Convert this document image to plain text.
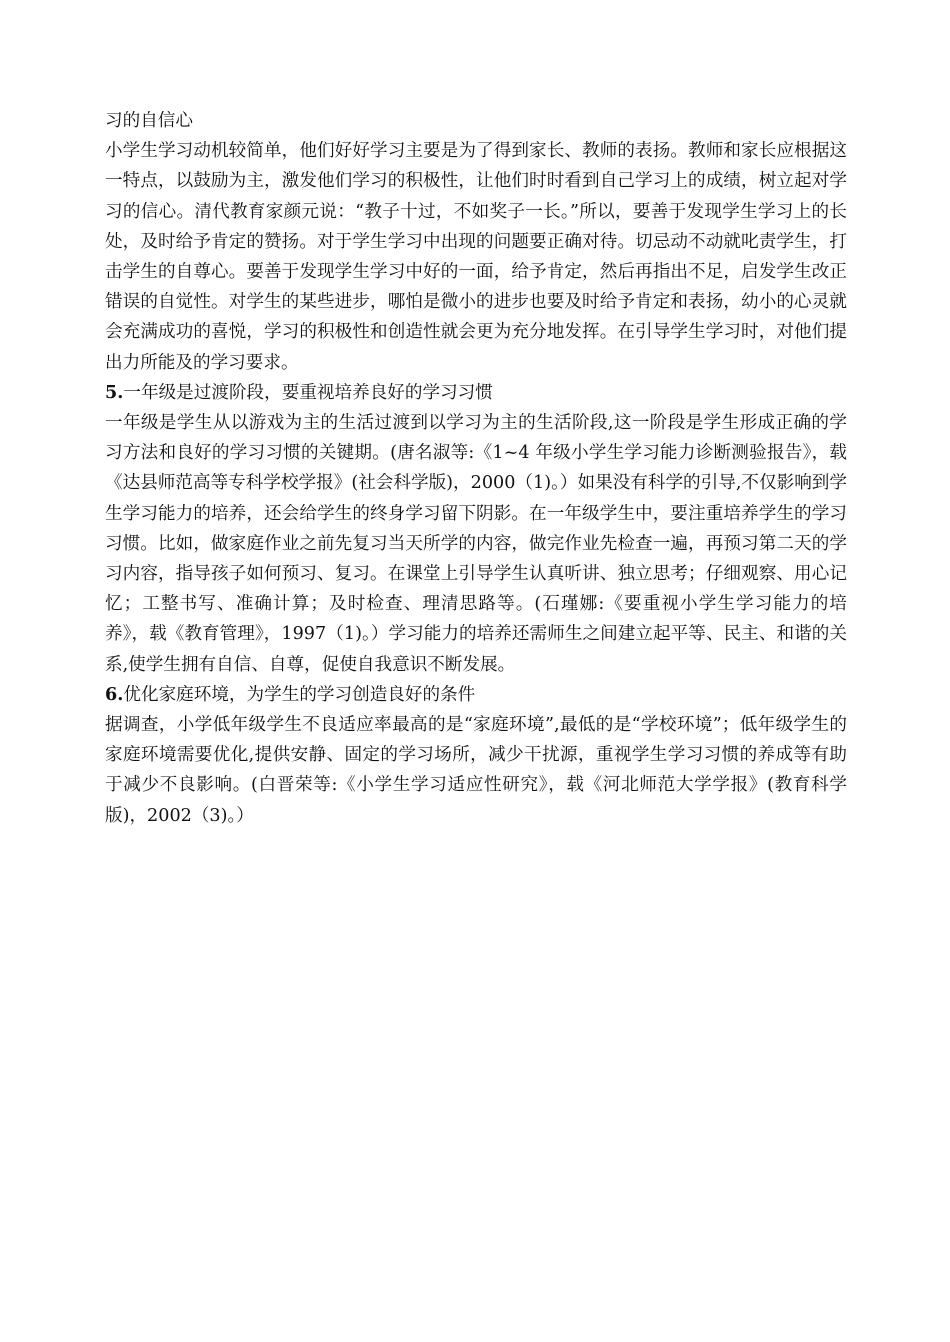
习的自信心

小学生学习动机较简单，他们好好学习主要是为了得到家长、教师的表扬。教师和家长应根据这一特点，以鼓励为主，激发他们学习的积极性，让他们时时看到自己学习上的成绩，树立起对学习的信心。清代教育家颜元说：“教子十过，不如奖子一长。”所以，要善于发现学生学习上的长处，及时给予肯定的赞扬。对于学生学习中出现的问题要正确对待。切忌动不动就叱责学生，打击学生的自尊心。要善于发现学生学习中好的一面，给予肯定，然后再指出不足，启发学生改正错误的自觉性。对学生的某些进步，哪怕是微小的进步也要及时给予肯定和表扬，幼小的心灵就会充满成功的喜悦，学习的积极性和创造性就会更为充分地发挥。在引导学生学习时，对他们提出力所能及的学习要求。

5.一年级是过渡阶段，要重视培养良好的学习习惯

一年级是学生从以游戏为主的生活过渡到以学习为主的生活阶段,这一阶段是学生形成正确的学习方法和良好的学习习惯的关键期。(唐名淑等:《1~4 年级小学生学习能力诊断测验报告》，载《达县师范高等专科学校学报》(社会科学版)，2000（1)。）如果没有科学的引导,不仅影响到学生学习能力的培养，还会给学生的终身学习留下阴影。在一年级学生中，要注重培养学生的学习习惯。比如，做家庭作业之前先复习当天所学的内容，做完作业先检查一遍，再预习第二天的学习内容，指导孩子如何预习、复习。在课堂上引导学生认真听讲、独立思考；仔细观察、用心记忆；工整书写、准确计算；及时检查、理清思路等。(石瑾娜:《要重视小学生学习能力的培养》，载《教育管理》，1997（1)。）学习能力的培养还需师生之间建立起平等、民主、和谐的关系,使学生拥有自信、自尊，促使自我意识不断发展。

6.优化家庭环境，为学生的学习创造良好的条件

据调查，小学低年级学生不良适应率最高的是“家庭环境”,最低的是“学校环境”；低年级学生的家庭环境需要优化,提供安静、固定的学习场所，减少干扰源，重视学生学习习惯的养成等有助于减少不良影响。(白晋荣等:《小学生学习适应性研究》，载《河北师范大学学报》(教育科学版)，2002（3)。）
